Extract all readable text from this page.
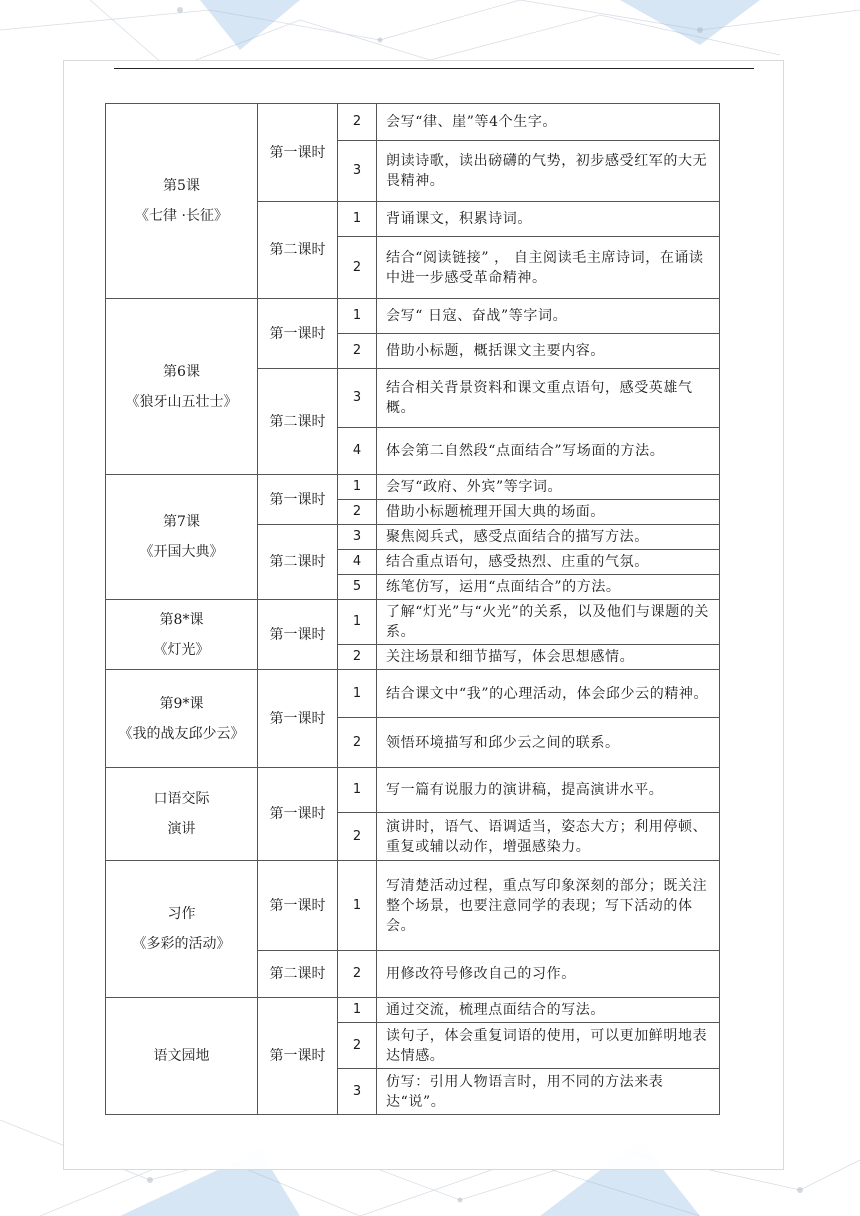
第5课
《七律 ·长征》	第一课时	2	会写“律、崖”等4个生字。
		3	朗读诗歌，读出磅礴的气势，初步感受红军的大无畏精神。
	第二课时	1	背诵课文，积累诗词。
		2	结合“阅读链接” ， 自主阅读毛主席诗词，在诵读中进一步感受革命精神。

第6课
《狼牙山五壮士》	第一课时	1	会写“ 日寇、奋战”等字词。
		2	借助小标题，概括课文主要内容。
	第二课时	3	结合相关背景资料和课文重点语句，感受英雄气概。
		4	体会第二自然段“点面结合”写场面的方法。

第7课
《开国大典》	第一课时	1	会写“政府、外宾”等字词。
		2	借助小标题梳理开国大典的场面。
	第二课时	3	聚焦阅兵式，感受点面结合的描写方法。
		4	结合重点语句，感受热烈、庄重的气氛。
		5	练笔仿写，运用“点面结合”的方法。

第8*课
《灯光》	第一课时	1	了解“灯光”与“火光”的关系，以及他们与课题的关系。
		2	关注场景和细节描写，体会思想感情。

第9*课
《我的战友邱少云》	第一课时	1	结合课文中“我”的心理活动，体会邱少云的精神。
		2	领悟环境描写和邱少云之间的联系。

口语交际
演讲	第一课时	1	写一篇有说服力的演讲稿，提高演讲水平。
		2	演讲时，语气、语调适当，姿态大方；利用停顿、重复或辅以动作，增强感染力。

习作
《多彩的活动》	第一课时	1	写清楚活动过程，重点写印象深刻的部分；既关注整个场景，也要注意同学的表现；写下活动的体会。
	第二课时	2	用修改符号修改自己的习作。

语文园地	第一课时	1	通过交流，梳理点面结合的写法。
		2	读句子，体会重复词语的使用，可以更加鲜明地表达情感。
		3	仿写：引用人物语言时，用不同的方法来表达“说”。
